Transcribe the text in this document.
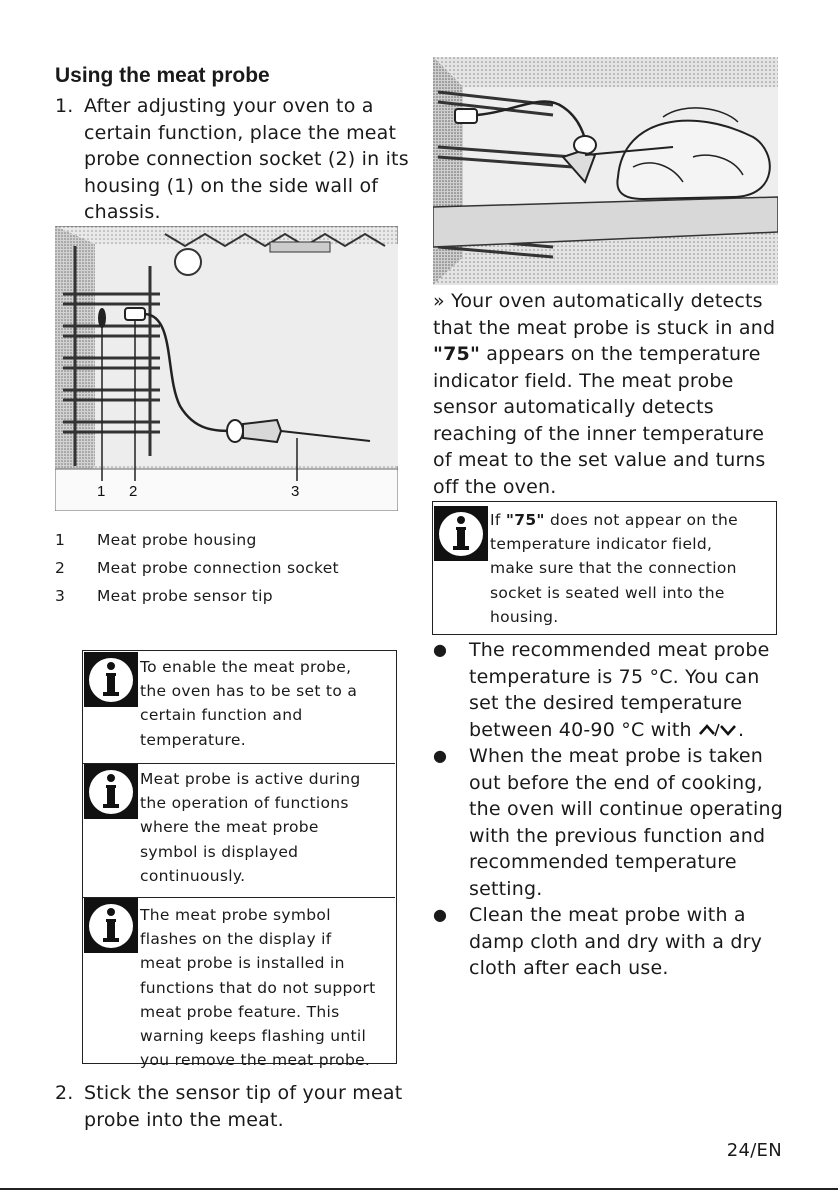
Using the meat probe
1. After adjusting your oven to a
certain function, place the meat
probe connection socket (2) in its
housing (1) on the side wall of
chassis.
1 2	3
1 Meat probe housing
2 Meat probe connection socket
3 Meat probe sensor tip
To enable the meat probe,
the oven has to be set to a
certain function and
temperature.
Meat probe is active during
the operation of functions
where the meat probe
symbol is displayed
continuously.
The meat probe symbol
flashes on the display if
meat probe is installed in
functions that do not support
meat probe feature. This
warning keeps flashing until
you remove the meat probe.
2. Stick the sensor tip of your meat
probe into the meat.
» Your oven automatically detects
that the meat probe is stuck in and
"75" appears on the temperature
indicator field. The meat probe
sensor automatically detects
reaching of the inner temperature
of meat to the set value and turns
off the oven.
If "75" does not appear on the
temperature indicator field,
make sure that the connection
socket is seated well into the
housing.
● The recommended meat probe
temperature is 75 °C. You can
set the desired temperature
between 40-90 °C with .
● When the meat probe is taken
out before the end of cooking,
the oven will continue operating
with the previous function and
recommended temperature
setting.
● Clean the meat probe with a
damp cloth and dry with a dry
cloth after each use.
24/EN
